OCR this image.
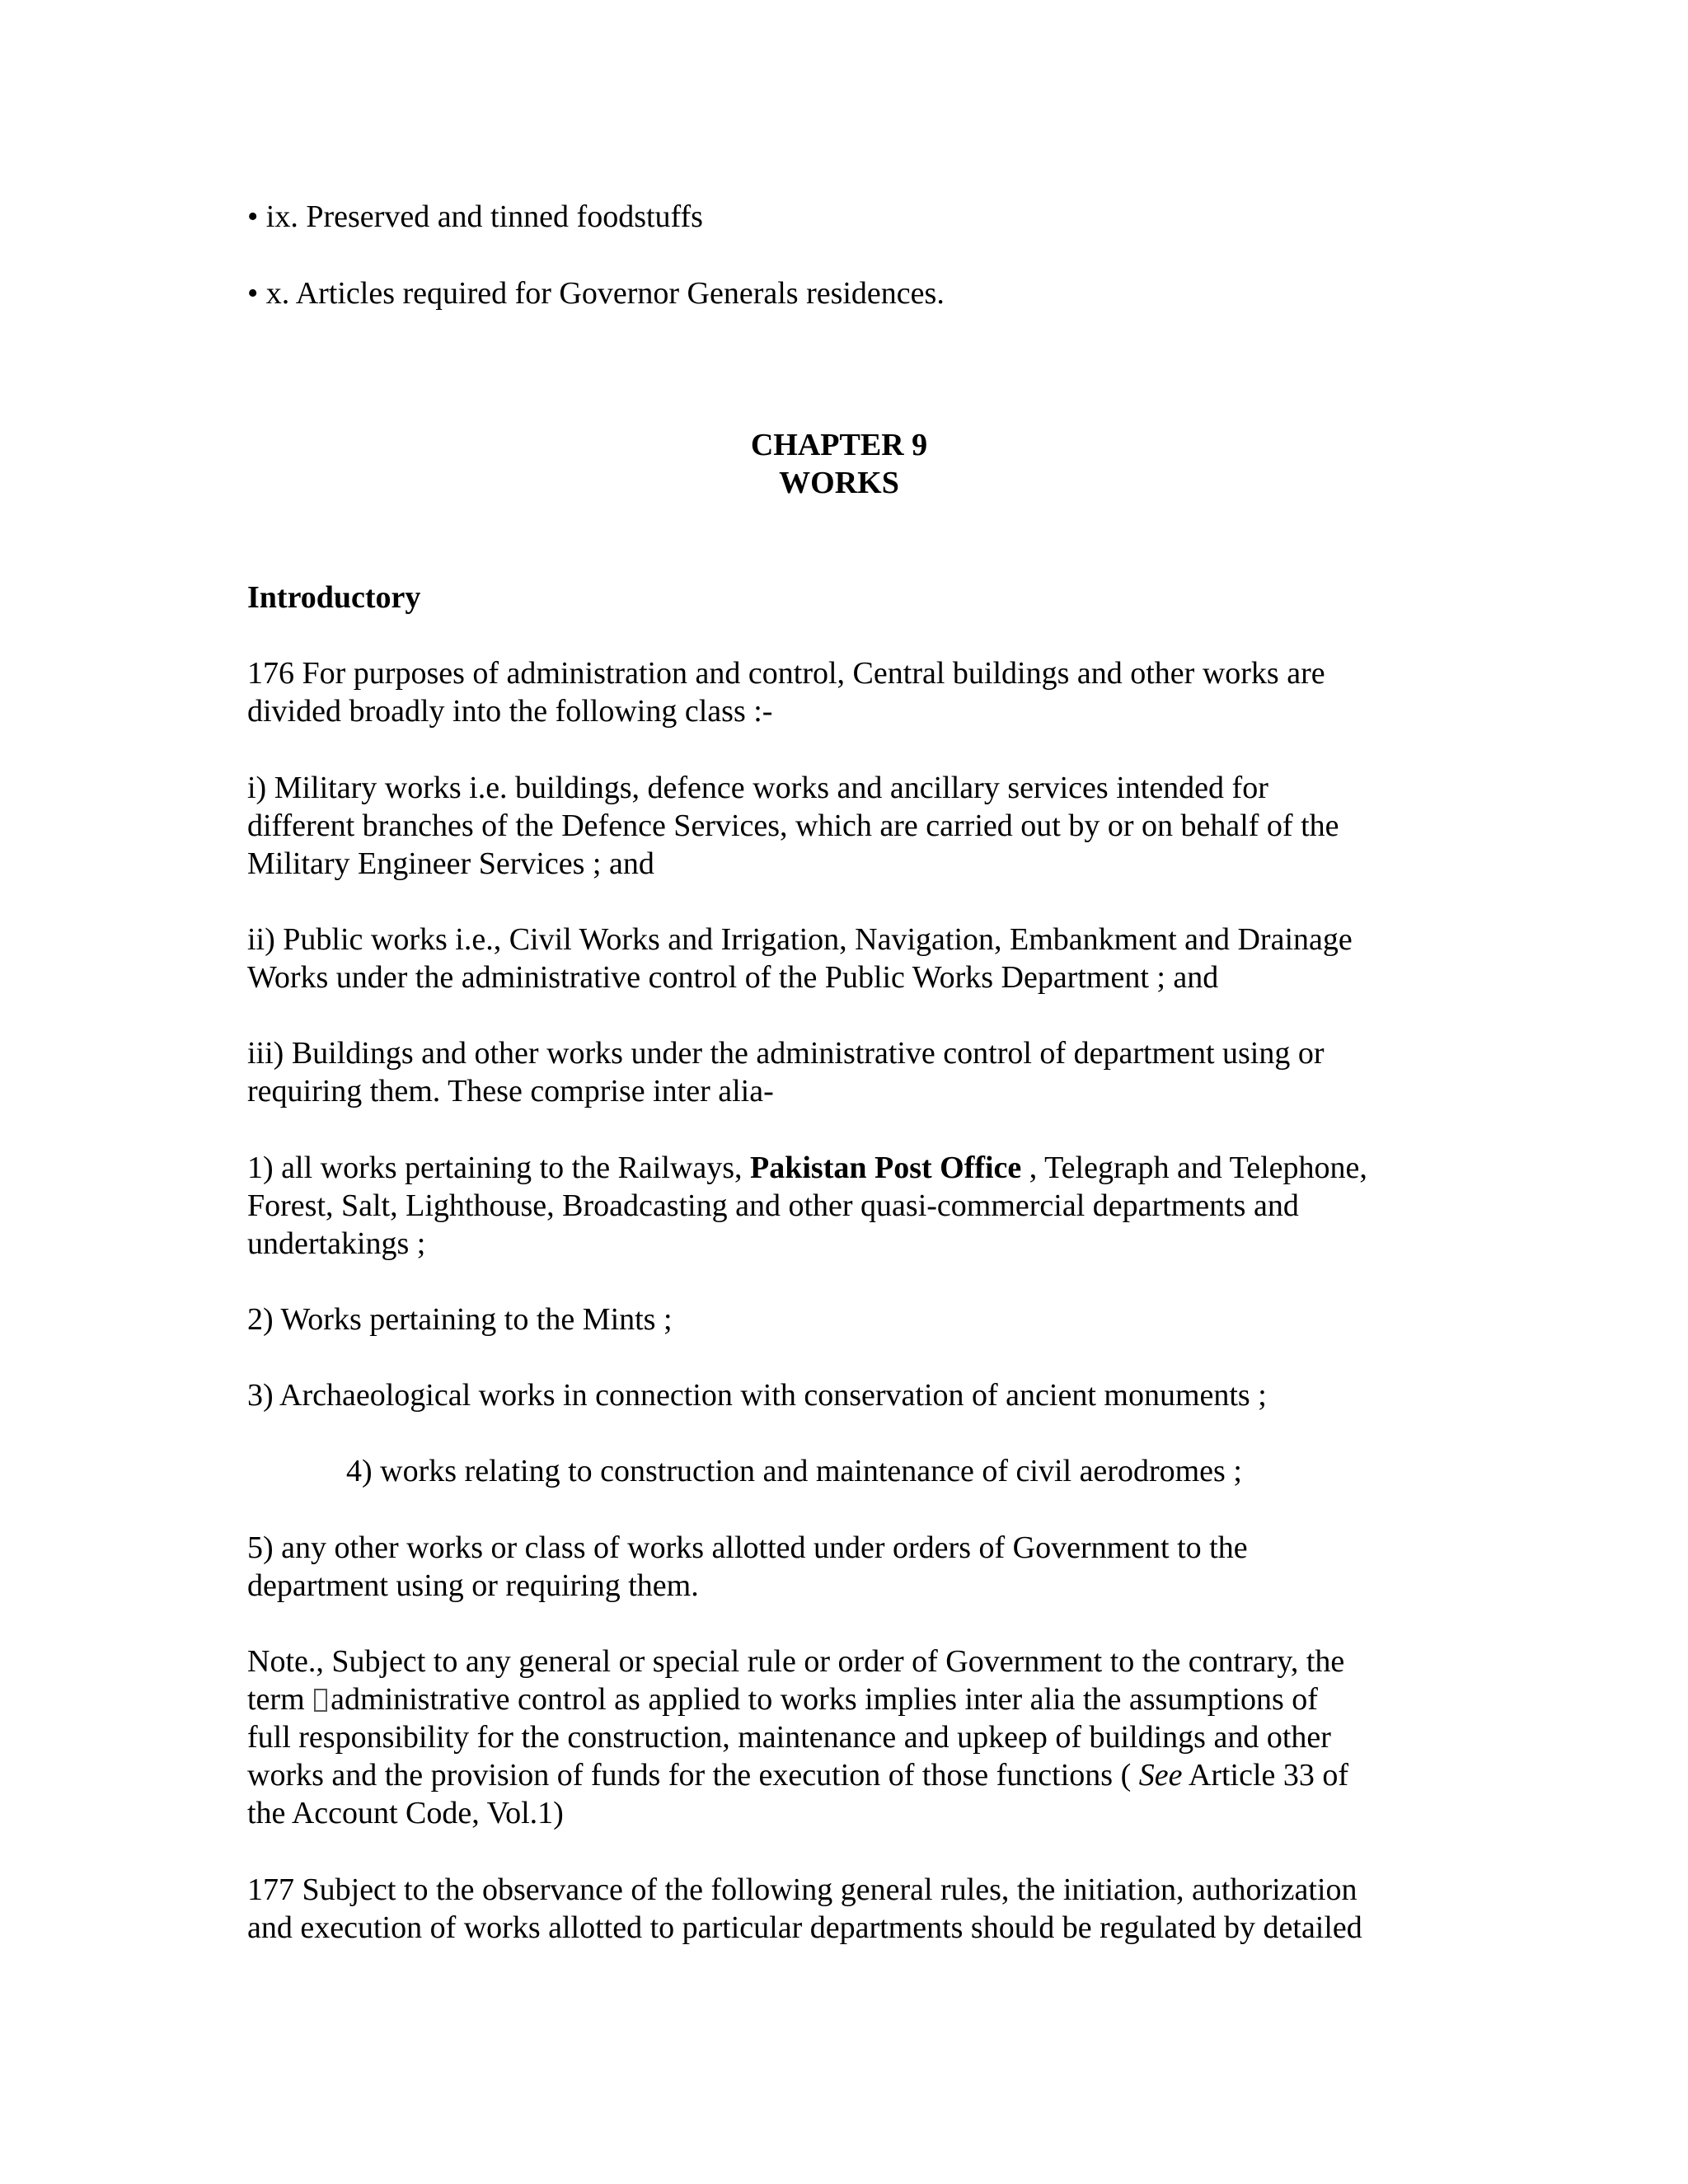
• ix. Preserved and tinned foodstuffs

• x. Articles required for Governor Generals residences.

CHAPTER 9

WORKS

Introductory

176 For purposes of administration and control, Central buildings and other works are

divided broadly into the following class :-

i) Military works i.e. buildings, defence works and ancillary services intended for

different branches of the Defence Services, which are carried out by or on behalf of the

Military Engineer Services ; and

ii) Public works i.e., Civil Works and Irrigation, Navigation, Embankment and Drainage

Works under the administrative control of the Public Works Department ; and

iii) Buildings and other works under the administrative control of department using or

requiring them. These comprise inter alia-

1) all works pertaining to the Railways, Pakistan Post Office , Telegraph and Telephone,

Forest, Salt, Lighthouse, Broadcasting and other quasi-commercial departments and

undertakings ;

2) Works pertaining to the Mints ;

3) Archaeological works in connection with conservation of ancient monuments ;

4) works relating to construction and maintenance of civil aerodromes ;

5) any other works or class of works allotted under orders of Government to the

department using or requiring them.

Note., Subject to any general or special rule or order of Government to the contrary, the

term administrative control as applied to works implies inter alia the assumptions of

full responsibility for the construction, maintenance and upkeep of buildings and other

works and the provision of funds for the execution of those functions ( See Article 33 of

the Account Code, Vol.1)

177 Subject to the observance of the following general rules, the initiation, authorization

and execution of works allotted to particular departments should be regulated by detailed
